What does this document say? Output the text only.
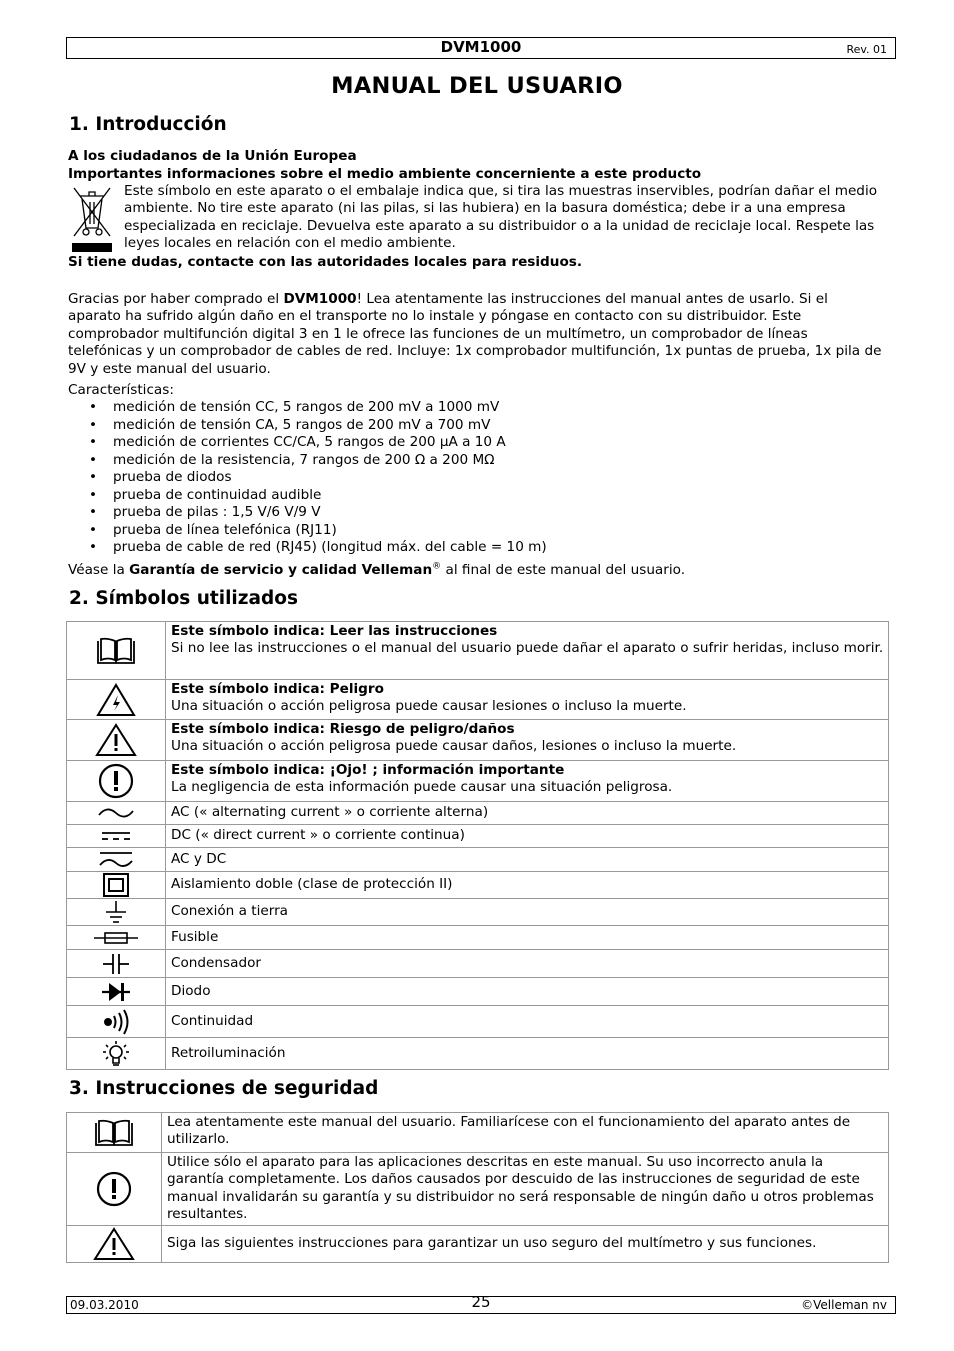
DVM1000	Rev. 01
MANUAL DEL USUARIO
1. Introducción
A los ciudadanos de la Unión Europea
Importantes informaciones sobre el medio ambiente concerniente a este producto
Este símbolo en este aparato o el embalaje indica que, si tira las muestras inservibles, podrían dañar el medio ambiente. No tire este aparato (ni las pilas, si las hubiera) en la basura doméstica; debe ir a una empresa especializada en reciclaje. Devuelva este aparato a su distribuidor o a la unidad de reciclaje local. Respete las leyes locales en relación con el medio ambiente.
Si tiene dudas, contacte con las autoridades locales para residuos.

Gracias por haber comprado el DVM1000! Lea atentamente las instrucciones del manual antes de usarlo. Si el aparato ha sufrido algún daño en el transporte no lo instale y póngase en contacto con su distribuidor. Este comprobador multifunción digital 3 en 1 le ofrece las funciones de un multímetro, un comprobador de líneas telefónicas y un comprobador de cables de red. Incluye: 1x comprobador multifunción, 1x puntas de prueba, 1x pila de 9V y este manual del usuario.

Características:
• medición de tensión CC, 5 rangos de 200 mV a 1000 mV
• medición de tensión CA, 5 rangos de 200 mV a 700 mV
• medición de corrientes CC/CA, 5 rangos de 200 µA a 10 A
• medición de la resistencia, 7 rangos de 200 Ω a 200 MΩ
• prueba de diodos
• prueba de continuidad audible
• prueba de pilas : 1,5 V/6 V/9 V
• prueba de línea telefónica (RJ11)
• prueba de cable de red (RJ45) (longitud máx. del cable = 10 m)

Véase la Garantía de servicio y calidad Velleman® al final de este manual del usuario.

2. Símbolos utilizados

Este símbolo indica: Leer las instrucciones
Si no lee las instrucciones o el manual del usuario puede dañar el aparato o sufrir heridas, incluso morir.

Este símbolo indica: Peligro
Una situación o acción peligrosa puede causar lesiones o incluso la muerte.

Este símbolo indica: Riesgo de peligro/daños
Una situación o acción peligrosa puede causar daños, lesiones o incluso la muerte.

Este símbolo indica: ¡Ojo! ; información importante
La negligencia de esta información puede causar una situación peligrosa.

AC (« alternating current » o corriente alterna)

DC (« direct current » o corriente continua)

AC y DC

Aislamiento doble (clase de protección II)

Conexión a tierra

Fusible

Condensador

Diodo

Continuidad

Retroiluminación
3. Instrucciones de seguridad
	Lea atentamente este manual del usuario. Familiarícese con el funcionamiento del aparato antes de utilizarlo.

	Utilice sólo el aparato para las aplicaciones descritas en este manual. Su uso incorrecto anula la garantía completamente. Los daños causados por descuido de las instrucciones de seguridad de este manual invalidarán su garantía y su distribuidor no será responsable de ningún daño u otros problemas resultantes.

	Siga las siguientes instrucciones para garantizar un uso seguro del multímetro y sus funciones.
09.03.2010	25	©Velleman nv
